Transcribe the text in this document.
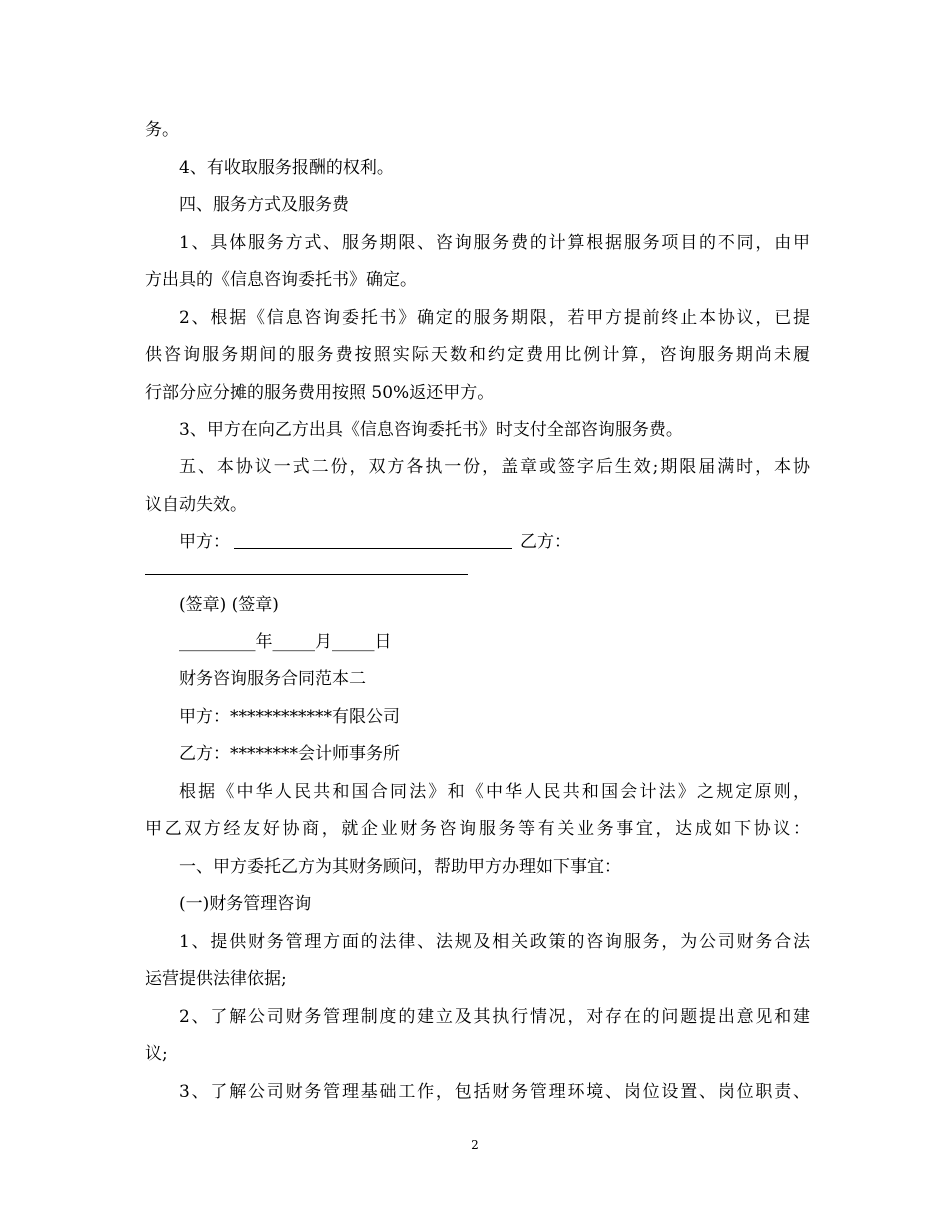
务。
4、有收取服务报酬的权利。
四、服务方式及服务费
1、具体服务方式、服务期限、咨询服务费的计算根据服务项目的不同，由甲
方出具的《信息咨询委托书》确定。
2、根据《信息咨询委托书》确定的服务期限，若甲方提前终止本协议，已提
供咨询服务期间的服务费按照实际天数和约定费用比例计算，咨询服务期尚未履
行部分应分摊的服务费用按照 50%返还甲方。
3、甲方在向乙方出具《信息咨询委托书》时支付全部咨询服务费。
五、本协议一式二份，双方各执一份，盖章或签字后生效;期限届满时，本协
议自动失效。
甲方：	乙方：
(签章) (签章)
_________年_____月_____日
财务咨询服务合同范本二
甲方：************有限公司
乙方：********会计师事务所
根据《中华人民共和国合同法》和《中华人民共和国会计法》之规定原则，
甲乙双方经友好协商，就企业财务咨询服务等有关业务事宜，达成如下协议：
一、甲方委托乙方为其财务顾问，帮助甲方办理如下事宜：
(一)财务管理咨询
1、提供财务管理方面的法律、法规及相关政策的咨询服务，为公司财务合法
运营提供法律依据;
2、了解公司财务管理制度的建立及其执行情况，对存在的问题提出意见和建
议;
3、了解公司财务管理基础工作，包括财务管理环境、岗位设置、岗位职责、
2
